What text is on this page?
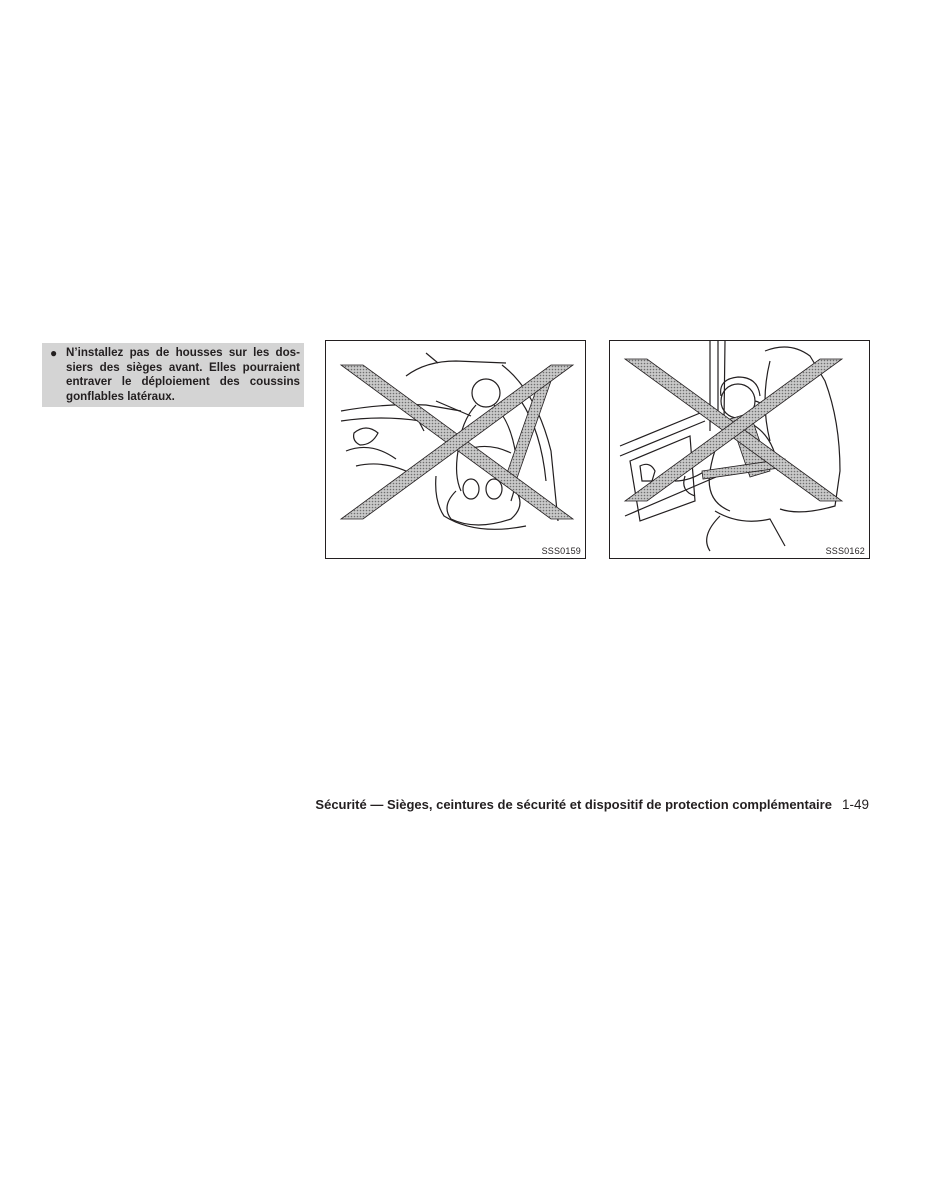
● N’installez pas de housses sur les dossiers des sièges avant. Elles pourraient entraver le déploiement des coussins gonflables latéraux.
SSS0159	SSS0162
Sécurité — Sièges, ceintures de sécurité et dispositif de protection complémentaire 1-49
